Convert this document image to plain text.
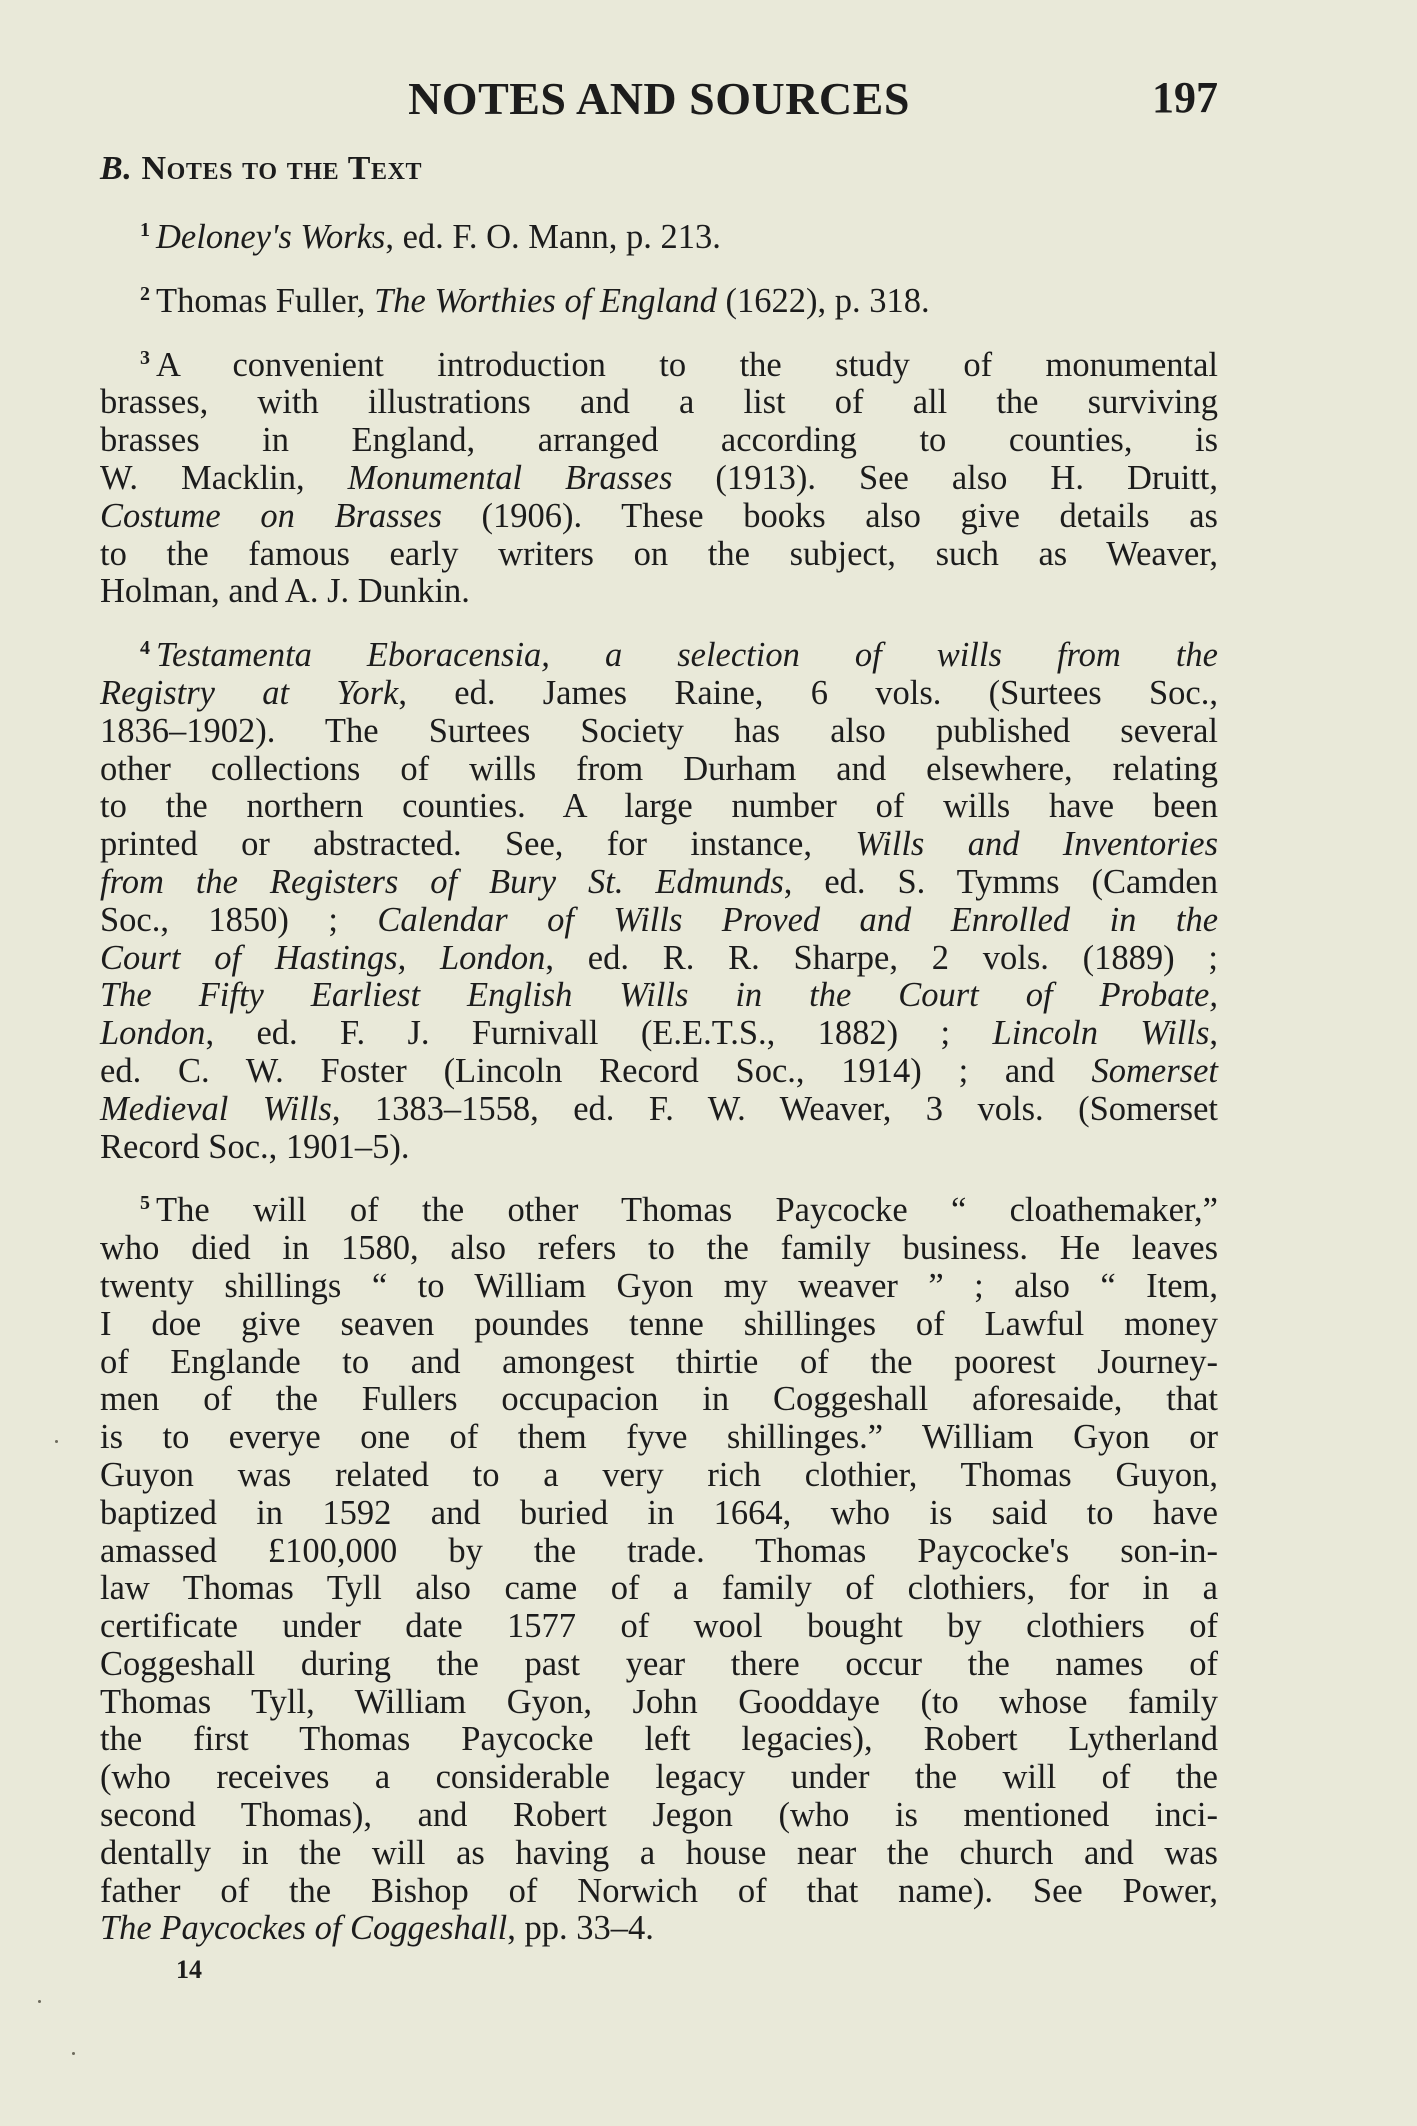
NOTES AND SOURCES	197
B. Notes to the Text
$^1$ Deloney's Works, ed. F. O. Mann, p. 213.
$^2$ Thomas Fuller, The Worthies of England (1622), p. 318.
$^3$ A convenient introduction to the study of monumental
brasses, with illustrations and a list of all the surviving
brasses in England, arranged according to counties, is
W. Macklin, Monumental Brasses (1913). See also H. Druitt,
Costume on Brasses (1906). These books also give details as
to the famous early writers on the subject, such as Weaver,
Holman, and A. J. Dunkin.
$^4$ Testamenta Eboracensia, a selection of wills from the
Registry at York, ed. James Raine, 6 vols. (Surtees Soc.,
1836–1902). The Surtees Society has also published several
other collections of wills from Durham and elsewhere, relating
to the northern counties. A large number of wills have been
printed or abstracted. See, for instance, Wills and Inventories
from the Registers of Bury St. Edmunds, ed. S. Tymms (Camden
Soc., 1850) ; Calendar of Wills Proved and Enrolled in the
Court of Hastings, London, ed. R. R. Sharpe, 2 vols. (1889) ;
The Fifty Earliest English Wills in the Court of Probate,
London, ed. F. J. Furnivall (E.E.T.S., 1882) ; Lincoln Wills,
ed. C. W. Foster (Lincoln Record Soc., 1914) ; and Somerset
Medieval Wills, 1383–1558, ed. F. W. Weaver, 3 vols. (Somerset
Record Soc., 1901–5).
$^5$ The will of the other Thomas Paycocke “ cloathemaker,”
who died in 1580, also refers to the family business. He leaves
twenty shillings “ to William Gyon my weaver ” ; also “ Item,
I doe give seaven poundes tenne shillinges of Lawful money
of Englande to and amongest thirtie of the poorest Journey-
men of the Fullers occupacion in Coggeshall aforesaide, that
is to everye one of them fyve shillinges.” William Gyon or
Guyon was related to a very rich clothier, Thomas Guyon,
baptized in 1592 and buried in 1664, who is said to have
amassed £100,000 by the trade. Thomas Paycocke's son-in-
law Thomas Tyll also came of a family of clothiers, for in a
certificate under date 1577 of wool bought by clothiers of
Coggeshall during the past year there occur the names of
Thomas Tyll, William Gyon, John Gooddaye (to whose family
the first Thomas Paycocke left legacies), Robert Lytherland
(who receives a considerable legacy under the will of the
second Thomas), and Robert Jegon (who is mentioned inci-
dentally in the will as having a house near the church and was
father of the Bishop of Norwich of that name). See Power,
The Paycockes of Coggeshall, pp. 33–4.
14
